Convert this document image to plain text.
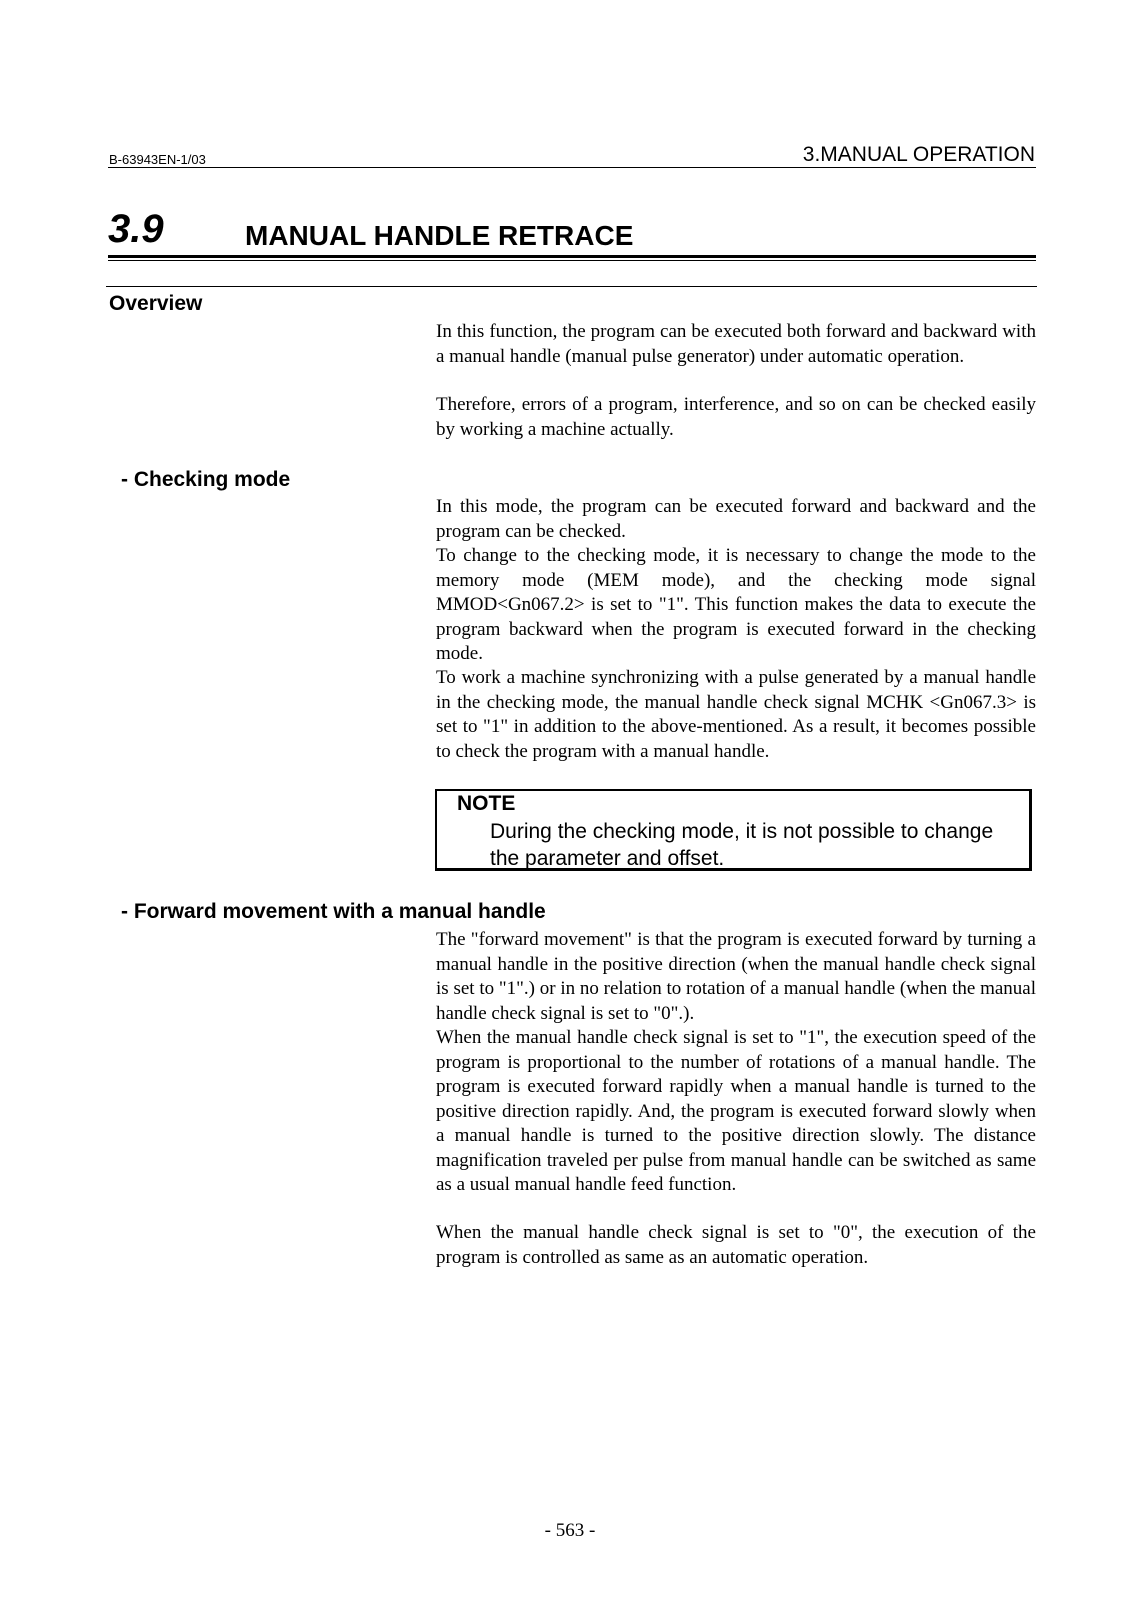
B-63943EN-1/03	3.MANUAL OPERATION
3.9	MANUAL HANDLE RETRACE
Overview
In this function, the program can be executed both forward and backward with a manual handle (manual pulse generator) under automatic operation.
Therefore, errors of a program, interference, and so on can be checked easily by working a machine actually.
- Checking mode
In this mode, the program can be executed forward and backward and the program can be checked.
To change to the checking mode, it is necessary to change the mode to the memory mode (MEM mode), and the checking mode signal MMOD<Gn067.2> is set to "1". This function makes the data to execute the program backward when the program is executed forward in the checking mode.
To work a machine synchronizing with a pulse generated by a manual handle in the checking mode, the manual handle check signal MCHK <Gn067.3> is set to "1" in addition to the above-mentioned. As a result, it becomes possible to check the program with a manual handle.
NOTE
During the checking mode, it is not possible to change the parameter and offset.
- Forward movement with a manual handle
The "forward movement" is that the program is executed forward by turning a manual handle in the positive direction (when the manual handle check signal is set to "1".) or in no relation to rotation of a manual handle (when the manual handle check signal is set to "0".).
When the manual handle check signal is set to "1", the execution speed of the program is proportional to the number of rotations of a manual handle. The program is executed forward rapidly when a manual handle is turned to the positive direction rapidly. And, the program is executed forward slowly when a manual handle is turned to the positive direction slowly. The distance magnification traveled per pulse from manual handle can be switched as same as a usual manual handle feed function.
When the manual handle check signal is set to "0", the execution of the program is controlled as same as an automatic operation.
- 563 -
